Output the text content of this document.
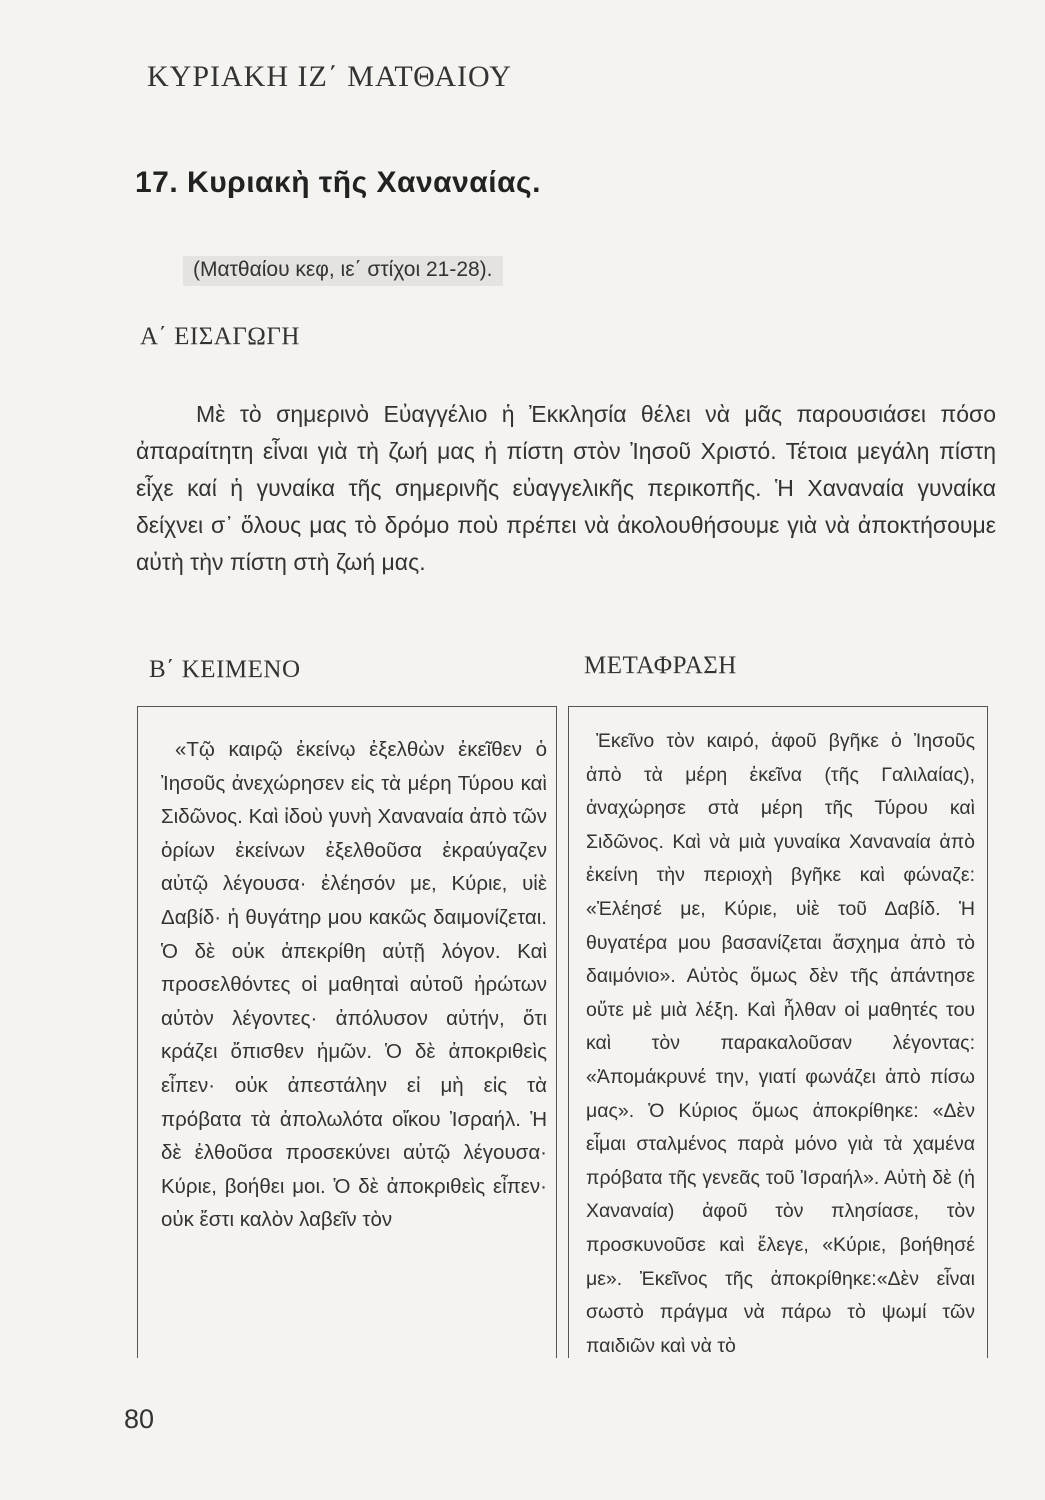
ΚΥΡΙΑΚΗ ΙΖ΄ ΜΑΤΘΑΙΟΥ
17. Κυριακὴ τῆς Χαναναίας.
(Ματθαίου κεφ, ιε΄ στίχοι 21-28).
Α΄ ΕΙΣΑΓΩΓΗ

Μὲ τὸ σημερινὸ Εὐαγγέλιο ἡ Ἐκκλησία θέλει νὰ μᾶς παρουσιάσει πόσο ἀπαραίτητη εἶναι γιὰ τὴ ζωή μας ἡ πίστη στὸν Ἰησοῦ Χριστό. Τέτοια μεγάλη πίστη εἶχε καί ἡ γυναίκα τῆς σημερινῆς εὐαγγελικῆς περικοπῆς. Ἡ Χαναναία γυναίκα δείχνει σ᾽ ὅλους μας τὸ δρόμο ποὺ πρέπει νὰ ἀκολουθήσουμε γιὰ νὰ ἀποκτήσουμε αὐτὴ τὴν πίστη στὴ ζωή μας.

Β΄ ΚΕΙΜΕΝΟ	ΜΕΤΑΦΡΑΣΗ

«Τῷ καιρῷ ἐκείνῳ ἐξελθὼν ἐκεῖθεν ὁ Ἰησοῦς ἀνεχώρησεν εἰς τὰ μέρη Τύρου καὶ Σιδῶνος. Καὶ ἰδοὺ γυνὴ Χαναναία ἀπὸ τῶν ὁρίων ἐκείνων ἐξελθοῦσα ἐκραύγαζεν αὐτῷ λέγουσα· ἐλέησόν με, Κύριε, υἱὲ Δαβίδ· ἡ θυγάτηρ μου κακῶς δαιμονίζεται. Ὁ δὲ οὐκ ἀπεκρίθη αὐτῇ λόγον. Καὶ προσελθόντες οἱ μαθηταὶ αὐτοῦ ἠρώτων αὐτὸν λέγοντες· ἀπόλυσον αὐτήν, ὅτι κράζει ὄπισθεν ἡμῶν. Ὁ δὲ ἀποκριθεὶς εἶπεν· οὐκ ἀπεστάλην εἰ μὴ εἰς τὰ πρόβατα τὰ ἀπολωλότα οἴκου Ἰσραήλ. Ἡ δὲ ἐλθοῦσα προσεκύνει αὐτῷ λέγουσα· Κύριε, βοήθει μοι. Ὁ δὲ ἀποκριθεὶς εἶπεν· οὐκ ἔστι καλὸν λαβεῖν τὸν

Ἐκεῖνο τὸν καιρό, ἀφοῦ βγῆκε ὁ Ἰησοῦς ἀπὸ τὰ μέρη ἐκεῖνα (τῆς Γαλιλαίας), ἀναχώρησε στὰ μέρη τῆς Τύρου καὶ Σιδῶνος. Καὶ νὰ μιὰ γυναίκα Χαναναία ἀπὸ ἐκείνη τὴν περιοχὴ βγῆκε καὶ φώναζε: «Ἐλέησέ με, Κύριε, υἱὲ τοῦ Δαβίδ. Ἡ θυγατέρα μου βασανίζεται ἄσχημα ἀπὸ τὸ δαιμόνιο». Αὐτὸς ὅμως δὲν τῆς ἀπάντησε οὔτε μὲ μιὰ λέξη. Καὶ ἦλθαν οἱ μαθητές του καὶ τὸν παρακαλοῦσαν λέγοντας: «Ἀπομάκρυνέ την, γιατί φωνάζει ἀπὸ πίσω μας». Ὁ Κύριος ὅμως ἀποκρίθηκε: «Δὲν εἶμαι σταλμένος παρὰ μόνο γιὰ τὰ χαμένα πρόβατα τῆς γενεᾶς τοῦ Ἰσραήλ». Αὐτὴ δὲ (ἡ Χαναναία) ἀφοῦ τὸν πλησίασε, τὸν προσκυνοῦσε καὶ ἔλεγε, «Κύριε, βοήθησέ με». Ἐκεῖνος τῆς ἀποκρίθηκε:«Δὲν εἶναι σωστὸ πράγμα νὰ πάρω τὸ ψωμί τῶν παιδιῶν καὶ νὰ τὸ

80
